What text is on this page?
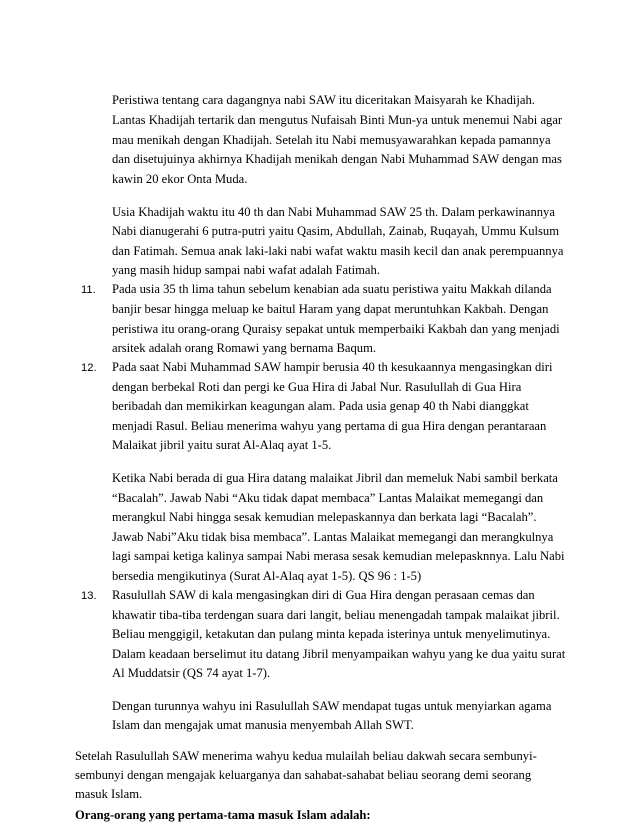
Peristiwa tentang cara dagangnya nabi SAW itu diceritakan Maisyarah ke Khadijah.
Lantas Khadijah tertarik dan mengutus Nufaisah Binti Mun-ya untuk menemui Nabi agar
mau menikah dengan Khadijah. Setelah itu Nabi memusyawarahkan kepada pamannya
dan disetujuinya akhirnya Khadijah menikah dengan Nabi Muhammad SAW dengan mas
kawin 20 ekor Onta Muda.
Usia Khadijah waktu itu 40 th dan Nabi Muhammad SAW 25 th. Dalam perkawinannya
Nabi dianugerahi 6 putra-putri yaitu Qasim, Abdullah, Zainab, Ruqayah, Ummu Kulsum
dan Fatimah. Semua anak laki-laki nabi wafat waktu masih kecil dan anak perempuannya
yang masih hidup sampai nabi wafat adalah Fatimah.
11. Pada usia 35 th lima tahun sebelum kenabian ada suatu peristiwa yaitu Makkah dilanda
banjir besar hingga meluap ke baitul Haram yang dapat meruntuhkan Kakbah. Dengan
peristiwa itu orang-orang Quraisy sepakat untuk memperbaiki Kakbah dan yang menjadi
arsitek adalah orang Romawi yang bernama Baqum.
12. Pada saat Nabi Muhammad SAW hampir berusia 40 th kesukaannya mengasingkan diri
dengan berbekal Roti dan pergi ke Gua Hira di Jabal Nur. Rasulullah di Gua Hira
beribadah dan memikirkan keagungan alam. Pada usia genap 40 th Nabi dianggkat
menjadi Rasul. Beliau menerima wahyu yang pertama di gua Hira dengan perantaraan
Malaikat jibril yaitu surat Al-Alaq ayat 1-5.
Ketika Nabi berada di gua Hira datang malaikat Jibril dan memeluk Nabi sambil berkata
“Bacalah”. Jawab Nabi “Aku tidak dapat membaca” Lantas Malaikat memegangi dan
merangkul Nabi hingga sesak kemudian melepaskannya dan berkata lagi “Bacalah”.
Jawab Nabi”Aku tidak bisa membaca”. Lantas Malaikat memegangi dan merangkulnya
lagi sampai ketiga kalinya sampai Nabi merasa sesak kemudian melepasknnya. Lalu Nabi
bersedia mengikutinya (Surat Al-Alaq ayat 1-5). QS 96 : 1-5)
13. Rasulullah SAW di kala mengasingkan diri di Gua Hira dengan perasaan cemas dan
khawatir tiba-tiba terdengan suara dari langit, beliau menengadah tampak malaikat jibril.
Beliau menggigil, ketakutan dan pulang minta kepada isterinya untuk menyelimutinya.
Dalam keadaan berselimut itu datang Jibril menyampaikan wahyu yang ke dua yaitu surat
Al Muddatsir (QS 74 ayat 1-7).
Dengan turunnya wahyu ini Rasulullah SAW mendapat tugas untuk menyiarkan agama
Islam dan mengajak umat manusia menyembah Allah SWT.
Setelah Rasulullah SAW menerima wahyu kedua mulailah beliau dakwah secara sembunyi-
sembunyi dengan mengajak keluarganya dan sahabat-sahabat beliau seorang demi seorang
masuk Islam.
Orang-orang yang pertama-tama masuk Islam adalah:
